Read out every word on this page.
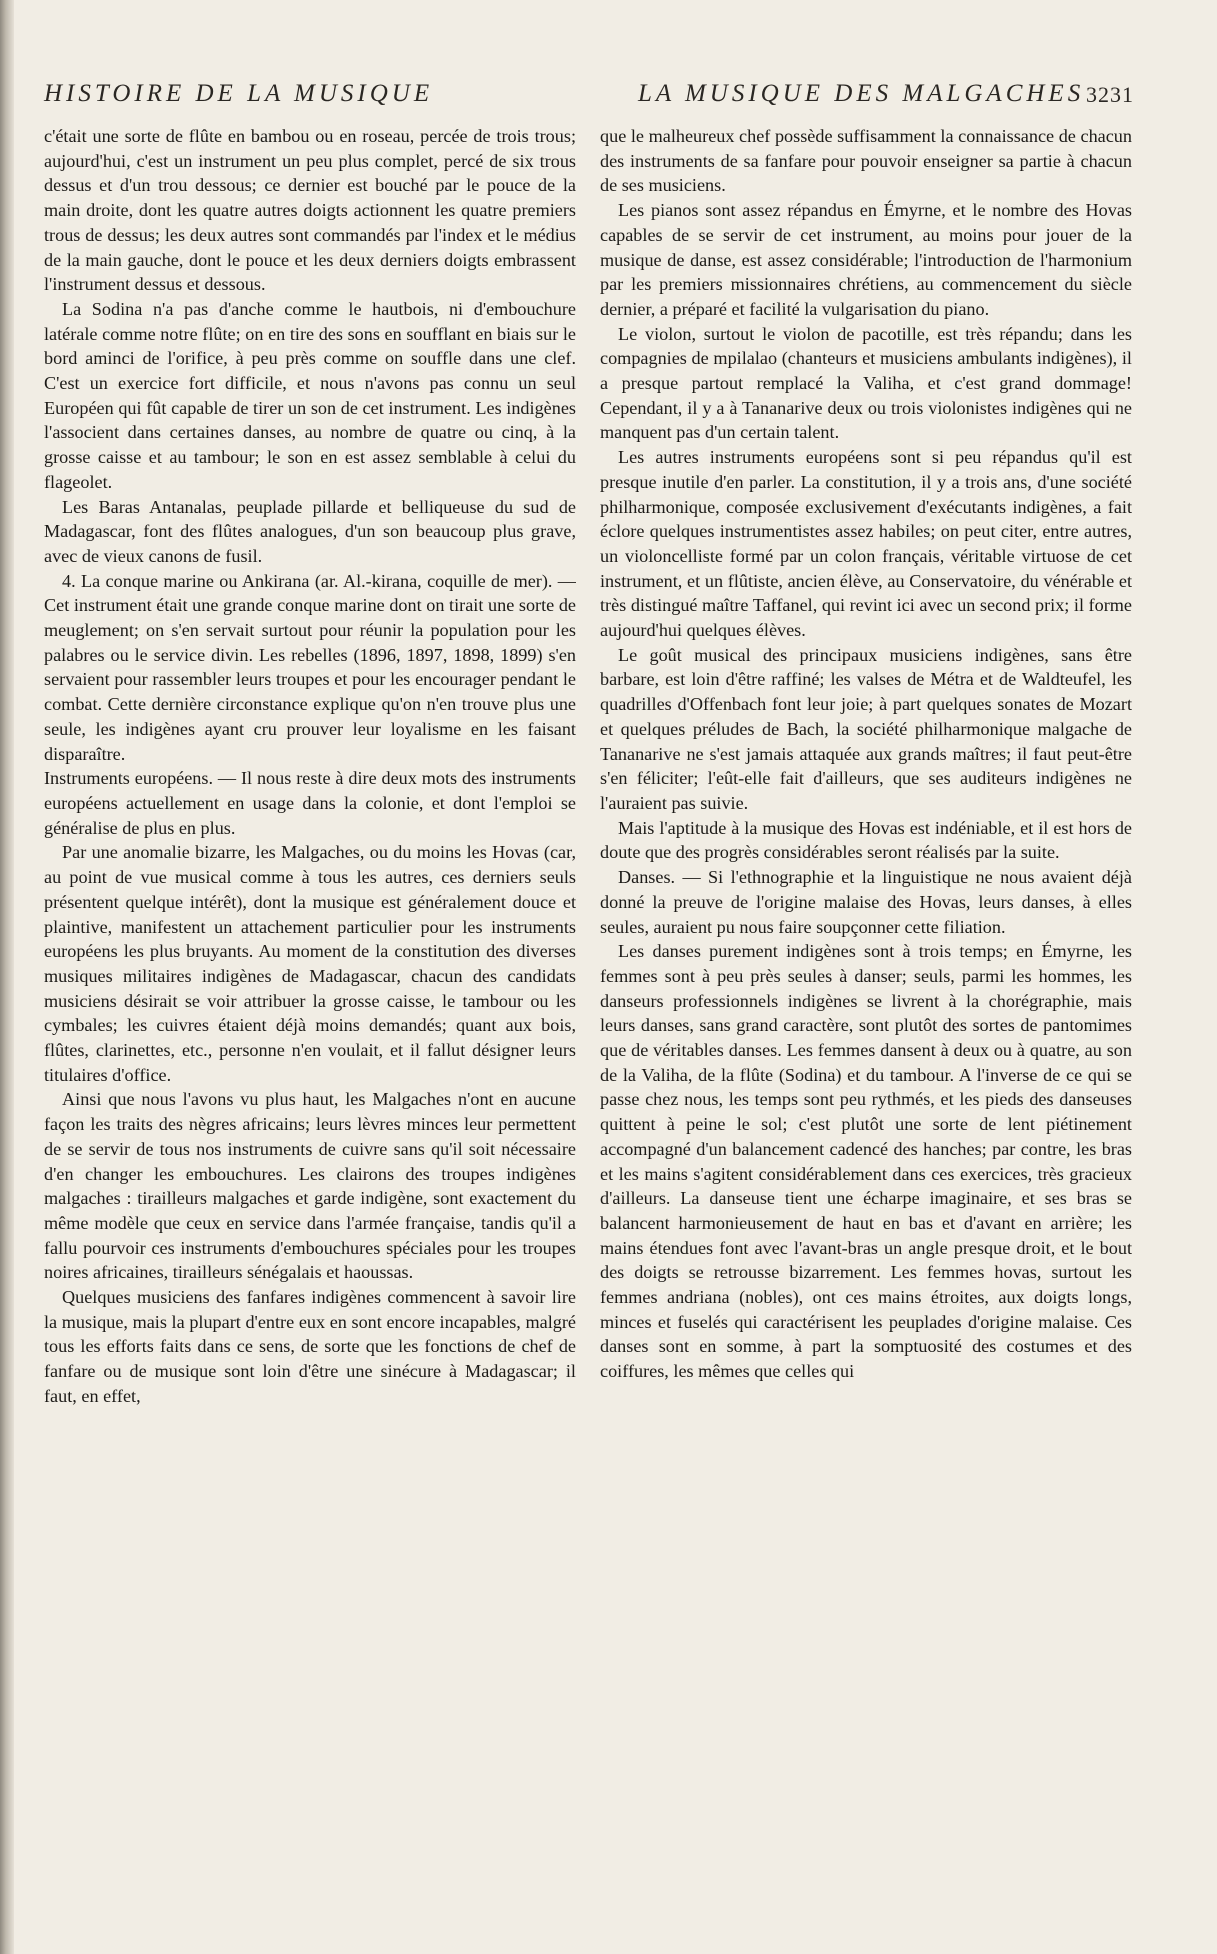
HISTOIRE DE LA MUSIQUE	LA MUSIQUE DES MALGACHES 3231

c'était une sorte de flûte en bambou ou en roseau, percée de trois trous; aujourd'hui, c'est un instrument un peu plus complet, percé de six trous dessus et d'un trou dessous; ce dernier est bouché par le pouce de la main droite, dont les quatre autres doigts actionnent les quatre premiers trous de dessus; les deux autres sont commandés par l'index et le médius de la main gauche, dont le pouce et les deux derniers doigts embrassent l'instrument dessus et dessous.

La Sodina n'a pas d'anche comme le hautbois, ni d'embouchure latérale comme notre flûte; on en tire des sons en soufflant en biais sur le bord aminci de l'orifice, à peu près comme on souffle dans une clef. C'est un exercice fort difficile, et nous n'avons pas connu un seul Européen qui fût capable de tirer un son de cet instrument. Les indigènes l'associent dans certaines danses, au nombre de quatre ou cinq, à la grosse caisse et au tambour; le son en est assez semblable à celui du flageolet.

Les Baras Antanalas, peuplade pillarde et belliqueuse du sud de Madagascar, font des flûtes analogues, d'un son beaucoup plus grave, avec de vieux canons de fusil.

4. La conque marine ou Ankirana (ar. Al.-kirana, coquille de mer). — Cet instrument était une grande conque marine dont on tirait une sorte de meuglement; on s'en servait surtout pour réunir la population pour les palabres ou le service divin. Les rebelles (1896, 1897, 1898, 1899) s'en servaient pour rassembler leurs troupes et pour les encourager pendant le combat. Cette dernière circonstance explique qu'on n'en trouve plus une seule, les indigènes ayant cru prouver leur loyalisme en les faisant disparaître.

Instruments européens. — Il nous reste à dire deux mots des instruments européens actuellement en usage dans la colonie, et dont l'emploi se généralise de plus en plus.

Par une anomalie bizarre, les Malgaches, ou du moins les Hovas (car, au point de vue musical comme à tous les autres, ces derniers seuls présentent quelque intérêt), dont la musique est généralement douce et plaintive, manifestent un attachement particulier pour les instruments européens les plus bruyants. Au moment de la constitution des diverses musiques militaires indigènes de Madagascar, chacun des candidats musiciens désirait se voir attribuer la grosse caisse, le tambour ou les cymbales; les cuivres étaient déjà moins demandés; quant aux bois, flûtes, clarinettes, etc., personne n'en voulait, et il fallut désigner leurs titulaires d'office.

Ainsi que nous l'avons vu plus haut, les Malgaches n'ont en aucune façon les traits des nègres africains; leurs lèvres minces leur permettent de se servir de tous nos instruments de cuivre sans qu'il soit nécessaire d'en changer les embouchures. Les clairons des troupes indigènes malgaches : tirailleurs malgaches et garde indigène, sont exactement du même modèle que ceux en service dans l'armée française, tandis qu'il a fallu pourvoir ces instruments d'embouchures spéciales pour les troupes noires africaines, tirailleurs sénégalais et haoussas.

Quelques musiciens des fanfares indigènes commencent à savoir lire la musique, mais la plupart d'entre eux en sont encore incapables, malgré tous les efforts faits dans ce sens, de sorte que les fonctions de chef de fanfare ou de musique sont loin d'être une sinécure à Madagascar; il faut, en effet,

que le malheureux chef possède suffisamment la connaissance de chacun des instruments de sa fanfare pour pouvoir enseigner sa partie à chacun de ses musiciens.

Les pianos sont assez répandus en Émyrne, et le nombre des Hovas capables de se servir de cet instrument, au moins pour jouer de la musique de danse, est assez considérable; l'introduction de l'harmonium par les premiers missionnaires chrétiens, au commencement du siècle dernier, a préparé et facilité la vulgarisation du piano.

Le violon, surtout le violon de pacotille, est très répandu; dans les compagnies de mpilalao (chanteurs et musiciens ambulants indigènes), il a presque partout remplacé la Valiha, et c'est grand dommage! Cependant, il y a à Tananarive deux ou trois violonistes indigènes qui ne manquent pas d'un certain talent.

Les autres instruments européens sont si peu répandus qu'il est presque inutile d'en parler. La constitution, il y a trois ans, d'une société philharmonique, composée exclusivement d'exécutants indigènes, a fait éclore quelques instrumentistes assez habiles; on peut citer, entre autres, un violoncelliste formé par un colon français, véritable virtuose de cet instrument, et un flûtiste, ancien élève, au Conservatoire, du vénérable et très distingué maître Taffanel, qui revint ici avec un second prix; il forme aujourd'hui quelques élèves.

Le goût musical des principaux musiciens indigènes, sans être barbare, est loin d'être raffiné; les valses de Métra et de Waldteufel, les quadrilles d'Offenbach font leur joie; à part quelques sonates de Mozart et quelques préludes de Bach, la société philharmonique malgache de Tananarive ne s'est jamais attaquée aux grands maîtres; il faut peut-être s'en féliciter; l'eût-elle fait d'ailleurs, que ses auditeurs indigènes ne l'auraient pas suivie.

Mais l'aptitude à la musique des Hovas est indéniable, et il est hors de doute que des progrès considérables seront réalisés par la suite.

Danses. — Si l'ethnographie et la linguistique ne nous avaient déjà donné la preuve de l'origine malaise des Hovas, leurs danses, à elles seules, auraient pu nous faire soupçonner cette filiation.

Les danses purement indigènes sont à trois temps; en Émyrne, les femmes sont à peu près seules à danser; seuls, parmi les hommes, les danseurs professionnels indigènes se livrent à la chorégraphie, mais leurs danses, sans grand caractère, sont plutôt des sortes de pantomimes que de véritables danses. Les femmes dansent à deux ou à quatre, au son de la Valiha, de la flûte (Sodina) et du tambour. A l'inverse de ce qui se passe chez nous, les temps sont peu rythmés, et les pieds des danseuses quittent à peine le sol; c'est plutôt une sorte de lent piétinement accompagné d'un balancement cadencé des hanches; par contre, les bras et les mains s'agitent considérablement dans ces exercices, très gracieux d'ailleurs. La danseuse tient une écharpe imaginaire, et ses bras se balancent harmonieusement de haut en bas et d'avant en arrière; les mains étendues font avec l'avant-bras un angle presque droit, et le bout des doigts se retrousse bizarrement. Les femmes hovas, surtout les femmes andriana (nobles), ont ces mains étroites, aux doigts longs, minces et fuselés qui caractérisent les peuplades d'origine malaise. Ces danses sont en somme, à part la somptuosité des costumes et des coiffures, les mêmes que celles qui
